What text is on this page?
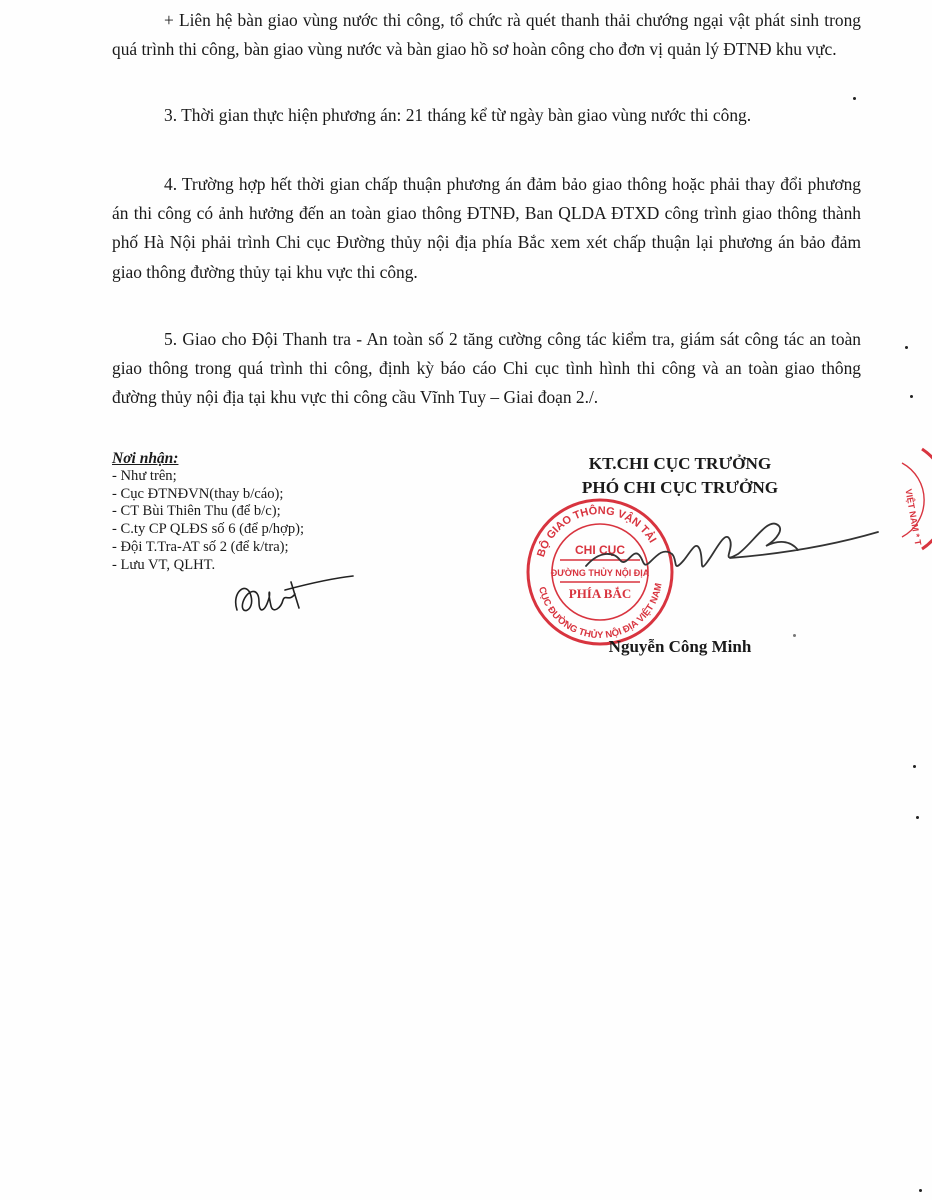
+ Liên hệ bàn giao vùng nước thi công, tổ chức rà quét thanh thải chướng ngại vật phát sinh trong quá trình thi công, bàn giao vùng nước và bàn giao hồ sơ hoàn công cho đơn vị quản lý ĐTNĐ khu vực.

3. Thời gian thực hiện phương án: 21 tháng kể từ ngày bàn giao vùng nước thi công.

4. Trường hợp hết thời gian chấp thuận phương án đảm bảo giao thông hoặc phải thay đổi phương án thi công có ảnh hưởng đến an toàn giao thông ĐTNĐ, Ban QLDA ĐTXD công trình giao thông thành phố Hà Nội phải trình Chi cục Đường thủy nội địa phía Bắc xem xét chấp thuận lại phương án bảo đảm giao thông đường thủy tại khu vực thi công.

5. Giao cho Đội Thanh tra - An toàn số 2 tăng cường công tác kiểm tra, giám sát công tác an toàn giao thông trong quá trình thi công, định kỳ báo cáo Chi cục tình hình thi công và an toàn giao thông đường thủy nội địa tại khu vực thi công cầu Vĩnh Tuy – Giai đoạn 2./.

Nơi nhận:
- Như trên;
- Cục ĐTNĐVN(thay b/cáo);
- CT Bùi Thiên Thu (để b/c);
- C.ty CP QLĐS số 6 (để p/hợp);
- Đội T.Tra-AT số 2 (để k/tra);
- Lưu VT, QLHT.
KT.CHI CỤC TRƯỞNG
PHÓ CHI CỤC TRƯỞNG
BỘ GIAO THÔNG VẬN TẢI
CỤC ĐƯỜNG THỦY NỘI ĐỊA VIỆT NAM
CHI CỤC
ĐƯỜNG THỦY NỘI ĐỊA
PHÍA BẮC
VIỆT NAM * T
Nguyễn Công Minh
